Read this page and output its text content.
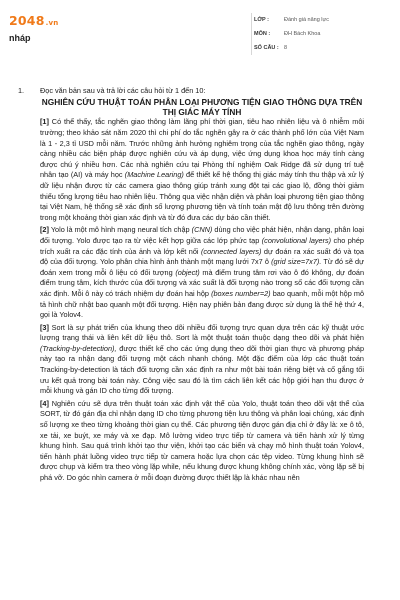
2048.vn
nháp
LỚP :	Đánh giá năng lực
MÔN :	ĐH Bách Khoa
SỐ CÂU : 8
1. Đọc văn bản sau và trả lời các câu hỏi từ 1 đến 10:

NGHIÊN CỨU THUẬT TOÁN PHÂN LOẠI PHƯƠNG TIỆN GIAO THÔNG DỰA TRÊN THỊ GIÁC MÁY TÍNH

[1] Có thể thấy, tắc nghẽn giao thông làm lãng phí thời gian, tiêu hao nhiên liệu và ô nhiễm môi trường; theo khảo sát năm 2020 thì chi phí do tắc nghẽn gây ra ở các thành phố lớn của Việt Nam là 1 - 2,3 tỉ USD mỗi năm. Trước những ảnh hưởng nghiêm trọng của tắc nghẽn giao thông, ngày càng nhiều các biện pháp được nghiên cứu và áp dụng, việc ứng dụng khoa học máy tính càng được chú ý nhiều hơn. Các nhà nghiên cứu tại Phòng thí nghiệm Oak Ridge đã sử dụng trí tuệ nhân tạo (AI) và máy học (Machine Learing) để thiết kế hệ thống thị giác máy tính thu thập và xử lý dữ liệu nhận được từ các camera giao thông giúp tránh xung đột tại các giao lộ, đồng thời giảm thiểu tổng lượng tiêu hao nhiên liệu. Thông qua việc nhận diện và phân loại phương tiện giao thông tại Việt Nam, hệ thống sẽ xác định số lượng phương tiện và tính toán mật độ lưu thông trên đường trong một khoảng thời gian xác định và từ đó đưa các dự báo cần thiết.

[2] Yolo là một mô hình mạng neural tích chập (CNN) dùng cho việc phát hiện, nhận dạng, phân loại đối tượng. Yolo được tạo ra từ việc kết hợp giữa các lớp phức tạp (convolutional layers) cho phép trích xuất ra các đặc tính của ảnh và lớp kết nối (connected layers) dự đoán ra xác suất đó và tọa độ của đối tượng. Yolo phân chia hình ảnh thành một mạng lưới 7x7 ô (grid size=7x7). Từ đó sẽ dự đoán xem trong mỗi ô liệu có đối tượng (object) mà điểm trung tâm rơi vào ô đó không, dự đoán điểm trung tâm, kích thước của đối tượng và xác suất là đối tượng nào trong số các đối tượng cần xác định. Mỗi ô này có trách nhiệm dự đoán hai hộp (boxes number=2) bao quanh, mỗi một hộp mô tả hình chữ nhật bao quanh một đối tượng. Hiện nay phiên bản đang được sử dụng là thế hệ thứ 4, gọi là Yolov4.

[3] Sort là sự phát triển của khung theo dõi nhiều đối tượng trực quan dựa trên các kỹ thuật ước lượng trạng thái và liên kết dữ liệu thô. Sort là một thuật toán thuộc dạng theo dõi và phát hiện (Tracking-by-detection), được thiết kế cho các ứng dụng theo dõi thời gian thực và phương pháp này tạo ra nhận dạng đối tượng một cách nhanh chóng. Một đặc điểm của lớp các thuật toán Tracking-by-detection là tách đối tượng cần xác định ra như một bài toán riêng biệt và cố gắng tối ưu kết quả trong bài toán này. Công việc sau đó là tìm cách liên kết các hộp giới hạn thu được ở mỗi khung và gán ID cho từng đối tượng.

[4] Nghiên cứu sẽ dựa trên thuật toán xác định vật thể của Yolo, thuật toán theo dõi vật thể của SORT, từ đó gán địa chỉ nhận dạng ID cho từng phương tiện lưu thông và phân loại chúng, xác định số lượng xe theo từng khoảng thời gian cụ thể. Các phương tiện được gán địa chỉ ở đây là: xe ô tô, xe tải, xe buýt, xe máy và xe đạp. Mô lường video trực tiếp từ camera và tiến hành xử lý từng khung hình. Sau quá trình khởi tạo thư viện, khởi tạo các biến và chạy mô hình thuật toán Yolov4, tiến hành phát luồng video trực tiếp từ camera hoặc lựa chọn các tệp video. Từng khung hình sẽ được chụp và kiểm tra theo vòng lặp while, nếu khung được khung không chính xác, vòng lặp sẽ bị phá vỡ. Do góc nhìn camera ở mỗi đoạn đường được thiết lập là khác nhau nên
